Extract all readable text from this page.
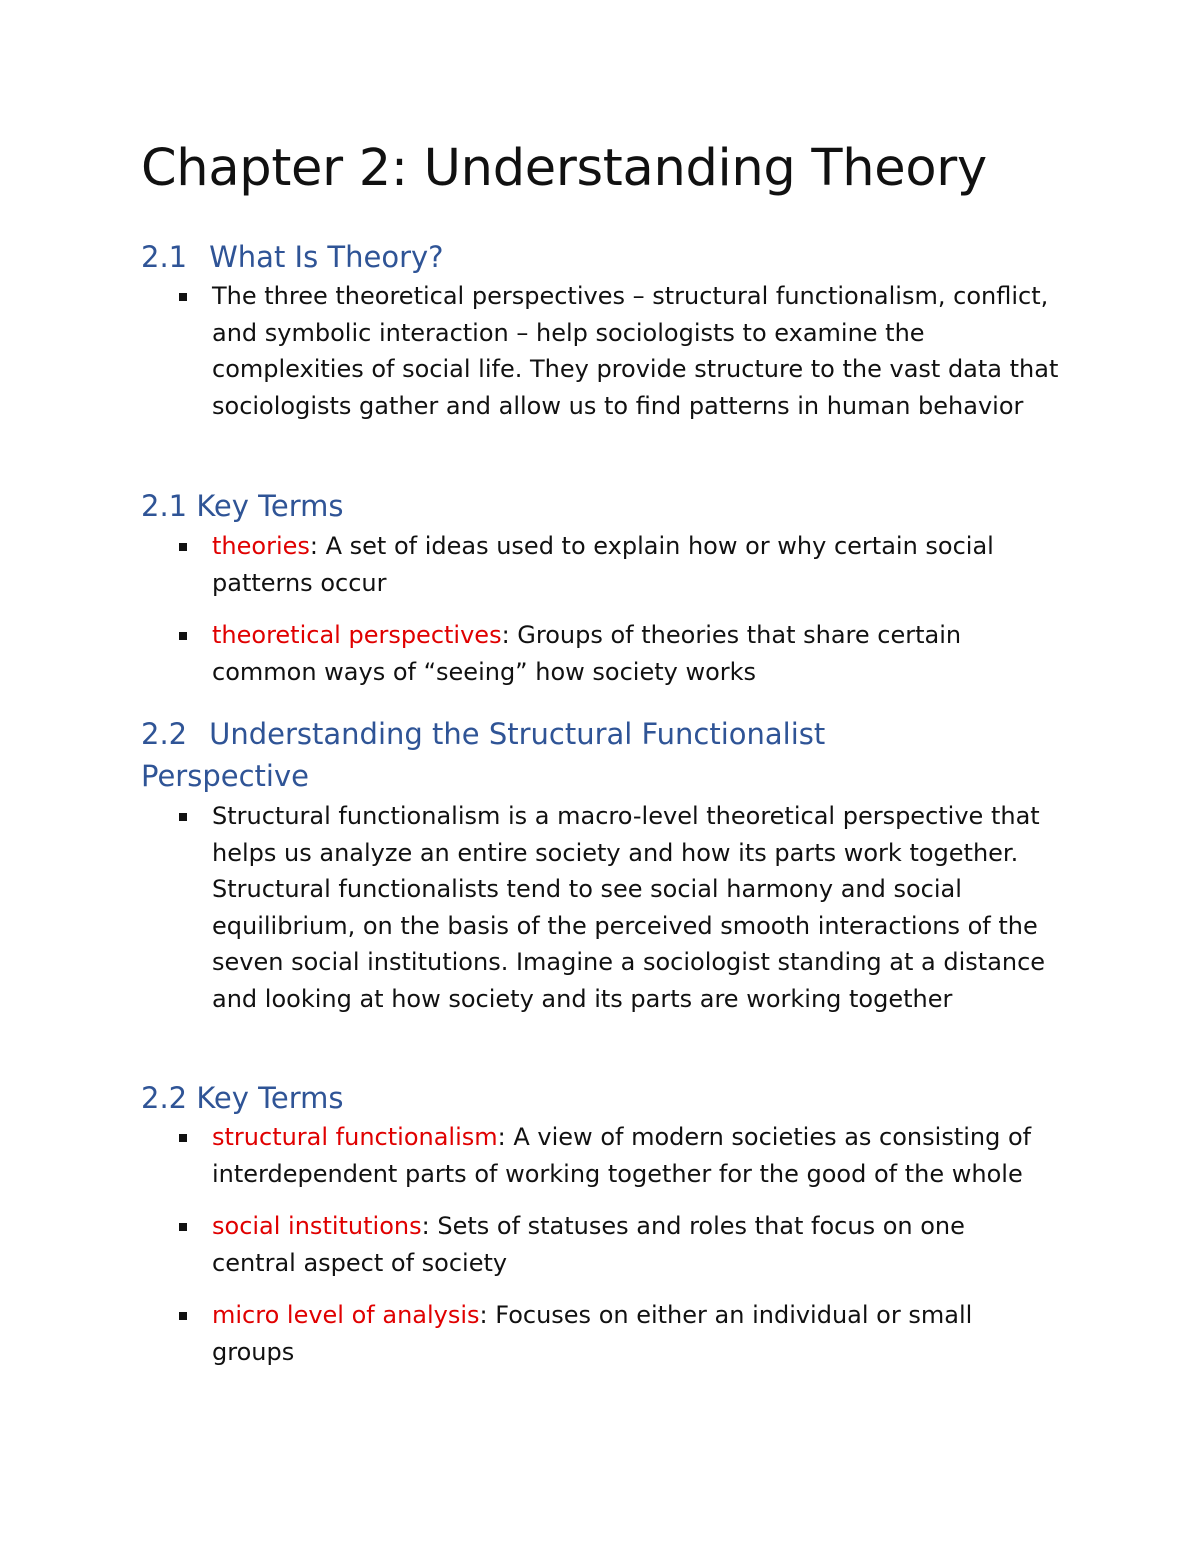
Chapter 2: Understanding Theory
2.1 What Is Theory?
The three theoretical perspectives – structural functionalism, conflict, and symbolic interaction – help sociologists to examine the complexities of social life. They provide structure to the vast data that sociologists gather and allow us to find patterns in human behavior
2.1 Key Terms
theories: A set of ideas used to explain how or why certain social patterns occur
theoretical perspectives: Groups of theories that share certain common ways of “seeing” how society works
2.2 Understanding the Structural Functionalist
Perspective
Structural functionalism is a macro-level theoretical perspective that helps us analyze an entire society and how its parts work together. Structural functionalists tend to see social harmony and social equilibrium, on the basis of the perceived smooth interactions of the seven social institutions. Imagine a sociologist standing at a distance and looking at how society and its parts are working together
2.2 Key Terms
structural functionalism: A view of modern societies as consisting of interdependent parts of working together for the good of the whole
social institutions: Sets of statuses and roles that focus on one central aspect of society
micro level of analysis: Focuses on either an individual or small groups
